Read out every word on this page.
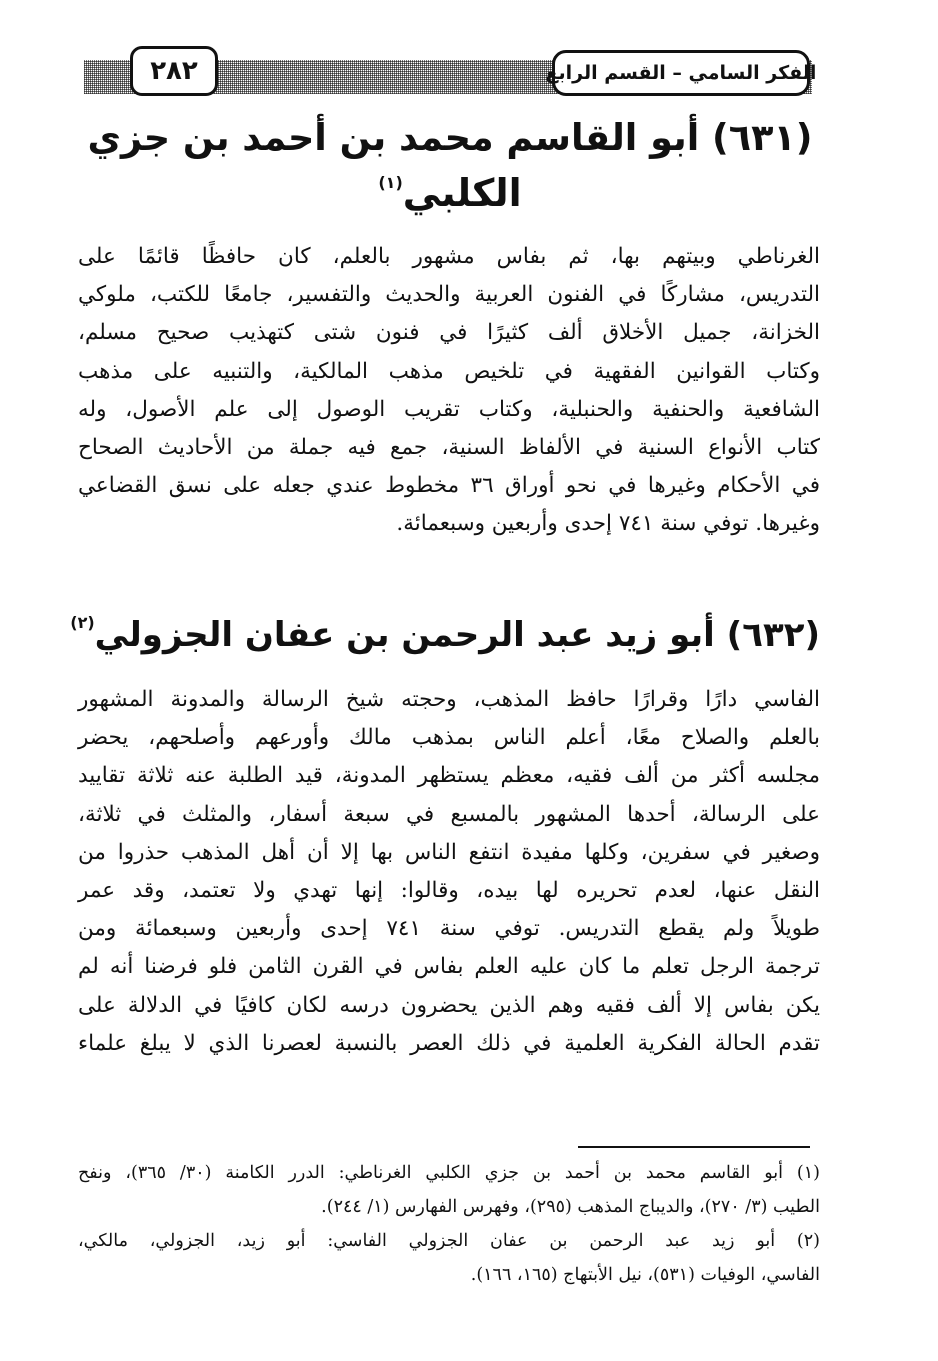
الفكر السامي – القسم الرابع
٢٨٢
(٦٣١) أبو القاسم محمد بن أحمد بن جزي
الكلبي$^{(١)}$

الغرناطي وبيتهم بها، ثم بفاس مشهور بالعلم، كان حافظًا قائمًا على
التدريس، مشاركًا في الفنون العربية والحديث والتفسير، جامعًا للكتب، ملوكي
الخزانة، جميل الأخلاق ألف كثيرًا في فنون شتى كتهذيب صحيح مسلم،
وكتاب القوانين الفقهية في تلخيص مذهب المالكية، والتنبيه على مذهب
الشافعية والحنفية والحنبلية، وكتاب تقريب الوصول إلى علم الأصول، وله
كتاب الأنواع السنية في الألفاظ السنية، جمع فيه جملة من الأحاديث الصحاح
في الأحكام وغيرها في نحو أوراق ٣٦ مخطوط عندي جعله على نسق القضاعي
وغيرها. توفي سنة ٧٤١ إحدى وأربعين وسبعمائة.

(٦٣٢) أبو زيد عبد الرحمن بن عفان الجزولي$^{(٢)}$

الفاسي دارًا وقرارًا حافظ المذهب، وحجته شيخ الرسالة والمدونة المشهور
بالعلم والصلاح معًا، أعلم الناس بمذهب مالك وأورعهم وأصلحهم، يحضر
مجلسه أكثر من ألف فقيه، معظم يستظهر المدونة، قيد الطلبة عنه ثلاثة تقاييد
على الرسالة، أحدها المشهور بالمسبع في سبعة أسفار، والمثلث في ثلاثة،
وصغير في سفرين، وكلها مفيدة انتفع الناس بها إلا أن أهل المذهب حذروا من
النقل عنها، لعدم تحريره لها بيده، وقالوا: إنها تهدي ولا تعتمد، وقد عمر
طويلاً ولم يقطع التدريس. توفي سنة ٧٤١ إحدى وأربعين وسبعمائة ومن
ترجمة الرجل تعلم ما كان عليه العلم بفاس في القرن الثامن فلو فرضنا أنه لم
يكن بفاس إلا ألف فقيه وهم الذين يحضرون درسه لكان كافيًا في الدلالة على
تقدم الحالة الفكرية العلمية في ذلك العصر بالنسبة لعصرنا الذي لا يبلغ علماء

(١) أبو القاسم محمد بن أحمد بن جزي الكلبي الغرناطي: الدرر الكامنة (٣٠/ ٣٦٥)، ونفح
الطيب (٣/ ٢٧٠)، والديباج المذهب (٢٩٥)، وفهرس الفهارس (١/ ٢٤٤).
(٢) أبو زيد عبد الرحمن بن عفان الجزولي الفاسي: أبو زيد، الجزولي، مالكي،
الفاسي، الوفيات (٥٣١)، نيل الأبتهاج (١٦٥، ١٦٦).
